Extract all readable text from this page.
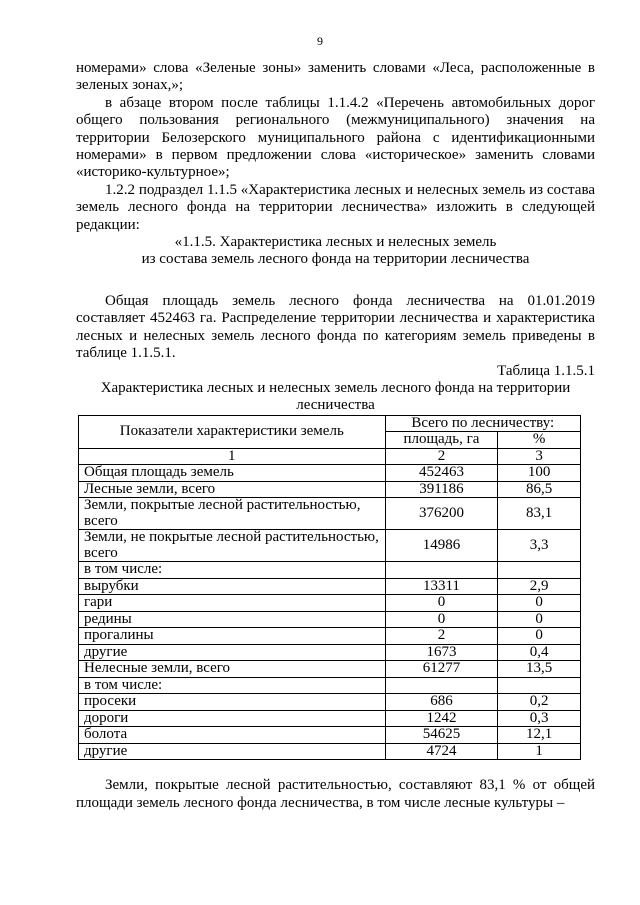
9

номерами» слова «Зеленые зоны» заменить словами «Леса, расположенные в зеленых зонах,»;

в абзаце втором после таблицы 1.1.4.2 «Перечень автомобильных дорог общего пользования регионального (межмуниципального) значения на территории Белозерского муниципального района с идентификационными номерами» в первом предложении слова «историческое» заменить словами «историко-культурное»;

1.2.2 подраздел 1.1.5 «Характеристика лесных и нелесных земель из состава земель лесного фонда на территории лесничества» изложить в следующей редакции:

«1.1.5. Характеристика лесных и нелесных земель

из состава земель лесного фонда на территории лесничества

Общая площадь земель лесного фонда лесничества на 01.01.2019 составляет 452463 га. Распределение территории лесничества и характеристика лесных и нелесных земель лесного фонда по категориям земель приведены в таблице 1.1.5.1.

Таблица 1.1.5.1

Характеристика лесных и нелесных земель лесного фонда на территории лесничества

Показатели характеристики земель	Всего по лесничеству:	
	площадь, га	%
1	2	3
Общая площадь земель	452463	100
Лесные земли, всего	391186	86,5
Земли, покрытые лесной растительностью, всего	376200	83,1
Земли, не покрытые лесной растительностью, всего	14986	3,3
в том числе:		
вырубки	13311	2,9
гари	0	0
редины	0	0
прогалины	2	0
другие	1673	0,4
Нелесные земли, всего	61277	13,5
в том числе:		
просеки	686	0,2
дороги	1242	0,3
болота	54625	12,1
другие	4724	1

Земли, покрытые лесной растительностью, составляют 83,1 % от общей площади земель лесного фонда лесничества, в том числе лесные культуры –
